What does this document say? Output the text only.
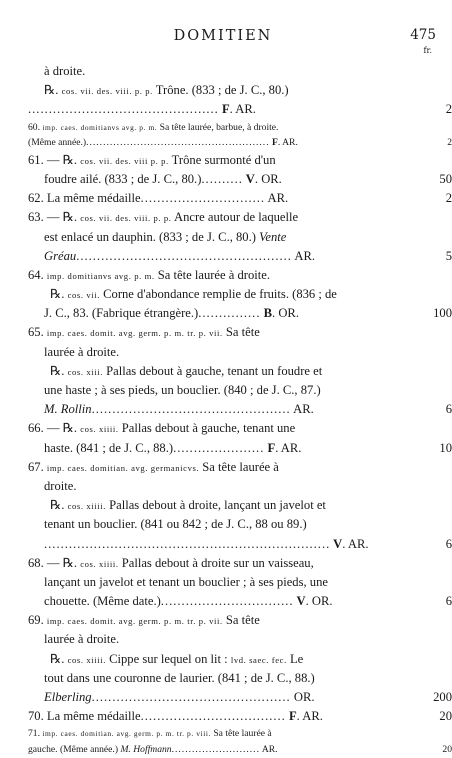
DOMITIEN	475
fr.
à droite.
℞. cos. vii. des. viii. p. p. Trône. (833 ; de J. C., 80.)
.............................................. F. AR.	2
60. imp. caes. domitianvs avg. p. m. Sa tête laurée, barbue, à droite.
(Même année.)...................................................... F. AR.	2
61. — ℞. cos. vii. des. viii p. p. Trône surmonté d'un
foudre ailé. (833 ; de J. C., 80.).......... V. OR.	50
62. La même médaille.............................. AR.	2
63. — ℞. cos. vii. des. viii. p. p. Ancre autour de laquelle
est enlacé un dauphin. (833 ; de J. C., 80.) Vente
Gréau.................................................... AR.	5
64. imp. domitianvs avg. p. m. Sa tête laurée à droite.
℞. cos. vii. Corne d'abondance remplie de fruits. (836 ; de
J. C., 83. (Fabrique étrangère.)............... B. OR.	100
65. imp. caes. domit. avg. germ. p. m. tr. p. vii. Sa tête
laurée à droite.
℞. cos. xiii. Pallas debout à gauche, tenant un foudre et
une haste ; à ses pieds, un bouclier. (840 ; de J. C., 87.)
M. Rollin................................................ AR.	6
66. — ℞. cos. xiiii. Pallas debout à gauche, tenant une
haste. (841 ; de J. C., 88.)...................... F. AR.	10
67. imp. caes. domitian. avg. germanicvs. Sa tête laurée à
droite.
℞. cos. xiiii. Pallas debout à droite, lançant un javelot et
tenant un bouclier. (841 ou 842 ; de J. C., 88 ou 89.)
..................................................................... V. AR.	6
68. — ℞. cos. xiiii. Pallas debout à droite sur un vaisseau,
lançant un javelot et tenant un bouclier ; à ses pieds, une
chouette. (Même date.)................................ V. OR.	6
69. imp. caes. domit. avg. germ. p. m. tr. p. vii. Sa tête
laurée à droite.
℞. cos. xiiii. Cippe sur lequel on lit : lvd. saec. fec. Le
tout dans une couronne de laurier. (841 ; de J. C., 88.)
Elberling................................................ OR.	200
70. La même médaille................................... F. AR.	20
71. imp. caes. domitian. avg. germ. p. m. tr. p. viii. Sa tête laurée à
gauche. (Même année.) M. Hoffmann.......................... AR.	20
